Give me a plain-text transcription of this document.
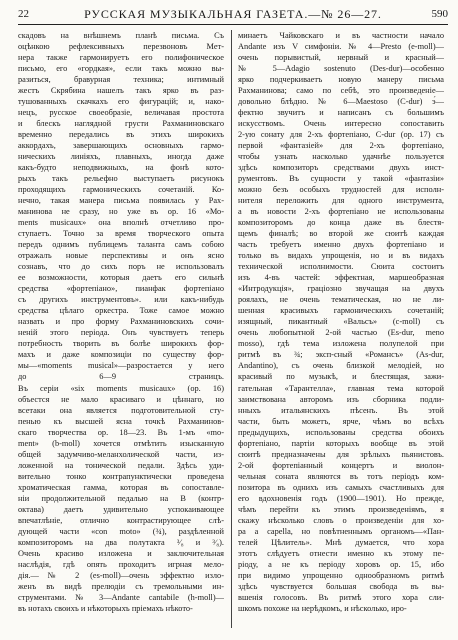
22	РУССКАЯ МУЗЫКАЛЬНАЯ ГАЗЕТА.—№ 26—27.	590
скадовъ на внѣшнемъ планѣ письма. Съ
оцѣнкою рефлексивныхъ перезвоновъ Мет-
нера также гармонируетъ его полифоническое
письмо, его «гордкая», если такъ можно вы-
разиться, бравурная техника; интимный
жестъ Скрябина нашелъ такъ ярко въ раз-
тушованныхъ скачкахъ его фигурацій; и, нако-
нецъ, русское своеобразіе, величавая простота
и блескъ наглядной грусти Рахманиновскаго
временно передались въ этихъ широкихъ
аккордахъ, завершающихъ основныхъ гармо-
ническихъ линіяхъ, плавныхъ, иногда даже
какъ-будто неподвижныхъ, на фонѣ кото-
рыхъ такъ рельефно выступаетъ рисунокъ
проходящихъ гармоническихъ сочетаній. Ко-
нечно, такая манера письма появилась у Рах-
манинова не сразу, но уже въ ор. 16 «Мо-
ments musicaux» она вполнѣ отчетливо про-
ступаетъ. Точно за время творческого опыта
передъ однимъ публицемъ таланта самъ собою
отражалъ новые перспективы и онъ ясно
сознавъ, что до сихъ поръ не использовалъ
ее возможности, которыя даетъ его сильнѣ
средства «фортепіано», пианфак фортепіано
съ другихъ инструментовъ». или какъ-нибудь
средства цѣлаго оркестра. Тоже самое можно
назвать и про форму Рахманиновскихъ сочи-
неній этого періода. Онъ чувствуетъ теперь
потребность творить въ болѣе широкихъ фор-
махъ и даже композиціи по существу фор-
мы—«moments musical»—разростается у него
до 6—9 страницъ.
Въ серіи «six moments musicaux» (ор. 16)
объестся не мало красиваго и цѣннаго, но
всетаки она является подготовительной сту-
пенью къ высшей ясна точкѣ Рахманинов-
скаго творчества ор. 18—23. Въ 1-мъ «mo-
ment» (b-moll) хочется отмѣтить изысканную
общей задумчиво-меланхолической части, из-
ложенной на тонической педали. Здѣсь уди-
вительно тонко контрапунктически проведена
хроматическая гамма, которая въ сопоставле-
ніи продолжительной педалью на B (контр-
октава) даетъ удивительно успокаивающее
впечатлѣніе, отлично контрастирующее слѣ-
дующей части «con moto» (¾), раздѣленной
композиторомъ на два полутакта ³⁄₈ и ³⁄₈).
Очень красиво изложена и заключительная
наслѣдія, гдѣ опять проходитъ игрная мело-
дія.—№ 2 (es-moll)—очень эффектно изло-
женъ въ видѣ прелюдіи съ тремольными ин-
струментами. № 3—Andante cantabile (h-moll)—
въ нотахъ своихъ и нѣкоторыхъ пріемахъ нѣкото-
минаетъ Чайковскаго и въ частности начало
Andante изъ V симфоніи. № 4—Presto (e-moll)—
очень порывистый, нервный и красный—
№ 5—Adagio sostenuto (Des-dur)—особенно
ярко подчеркиваетъ новую манеру письма
Рахманинова; само по себѣ, это произведеніе—
довольно блѣдно. № 6—Maestoso (C-dur) э́—
фектно звучитъ и написанъ съ большимъ
искусствомъ. Очень интересно сопоставить
2-ую сонату для 2-хъ фортепіано, C-dur (ор. 17) съ
первой «фантазіей» для 2-хъ фортепіано,
чтобы узнать насколько удачнѣе пользуется
здѣсь композиторъ средствами двухъ инст-
рументовъ. Въ сущности у такой «фантазіи»
можно безъ особыхъ трудностей для исполн-
нителя переложить для одного инструмента,
а въ новости 2-хъ фортепіано не использованы
композиторомъ до конца даже въ блестя-
щемъ финалѣ; во второй же сюитѣ каждая
часть требуетъ именно двухъ фортепіано и
только въ видахъ упрощенія, но и въ видахъ
технической исполнимости. Сюита состоитъ
изъ 4-въ частей: эффектная, маршеобразная
«Интродукція», граціозно звучащая на двухъ
роялахъ, не очень тематическая, но не ли-
шенная красивыхъ гармоническихъ сочетаній;
изящный, пикантный «Вальсъ» (с-moll) съ
очень любопытной 2-ой частью (Es-dur, meno
mosso), гдѣ тема изложена полупелой при
ритмѣ въ ¾; эксп-сный «Романсъ» (As-dur,
Andantino), съ очень близкой мелодіей, но
красивый по музыкѣ, и блестящая, зажи-
гательная «Тарантелла», главная тема которой
заимствована авторомъ изъ сборника подли-
нныхъ итальянскихъ пѣсенъ. Въ этой
части, быть можетъ, ярче, чѣмъ во всѣхъ
предыдущихъ, использованы средства обоихъ
фортепіано, партіи которыхъ вообще въ этой
сюитѣ предназначены для зрѣлыхъ пьянистовъ.
2-ой фортепіанный концертъ и виолон-
чельная соната являются въ тотъ періодъ ком-
позитора въ однихъ изъ самыхъ счастливыхъ для
его вдохновенія годъ (1900—1901). Но прежде,
чѣмъ перейти къ этимъ произведеніямъ, я
скажу нѣсколько словъ о произведеніи для хо-
ра a capella, но повѣтненнымъ органомъ—«Пан-
телей Цѣлитель». Мнѣ думается, что хора
этотъ слѣдуетъ отнести именно къ этому пе-
ріоду, а не къ періоду хоровъ ор. 15, ибо
при видимо упрощенно однообразномъ ритмѣ
здѣсь чувствуется большая свобода въ вы-
вшенія голосовъ. Въ ритмѣ этого хора сли-
шкомъ похоже на нерѣдкомъ, и нѣсколько, иро-
